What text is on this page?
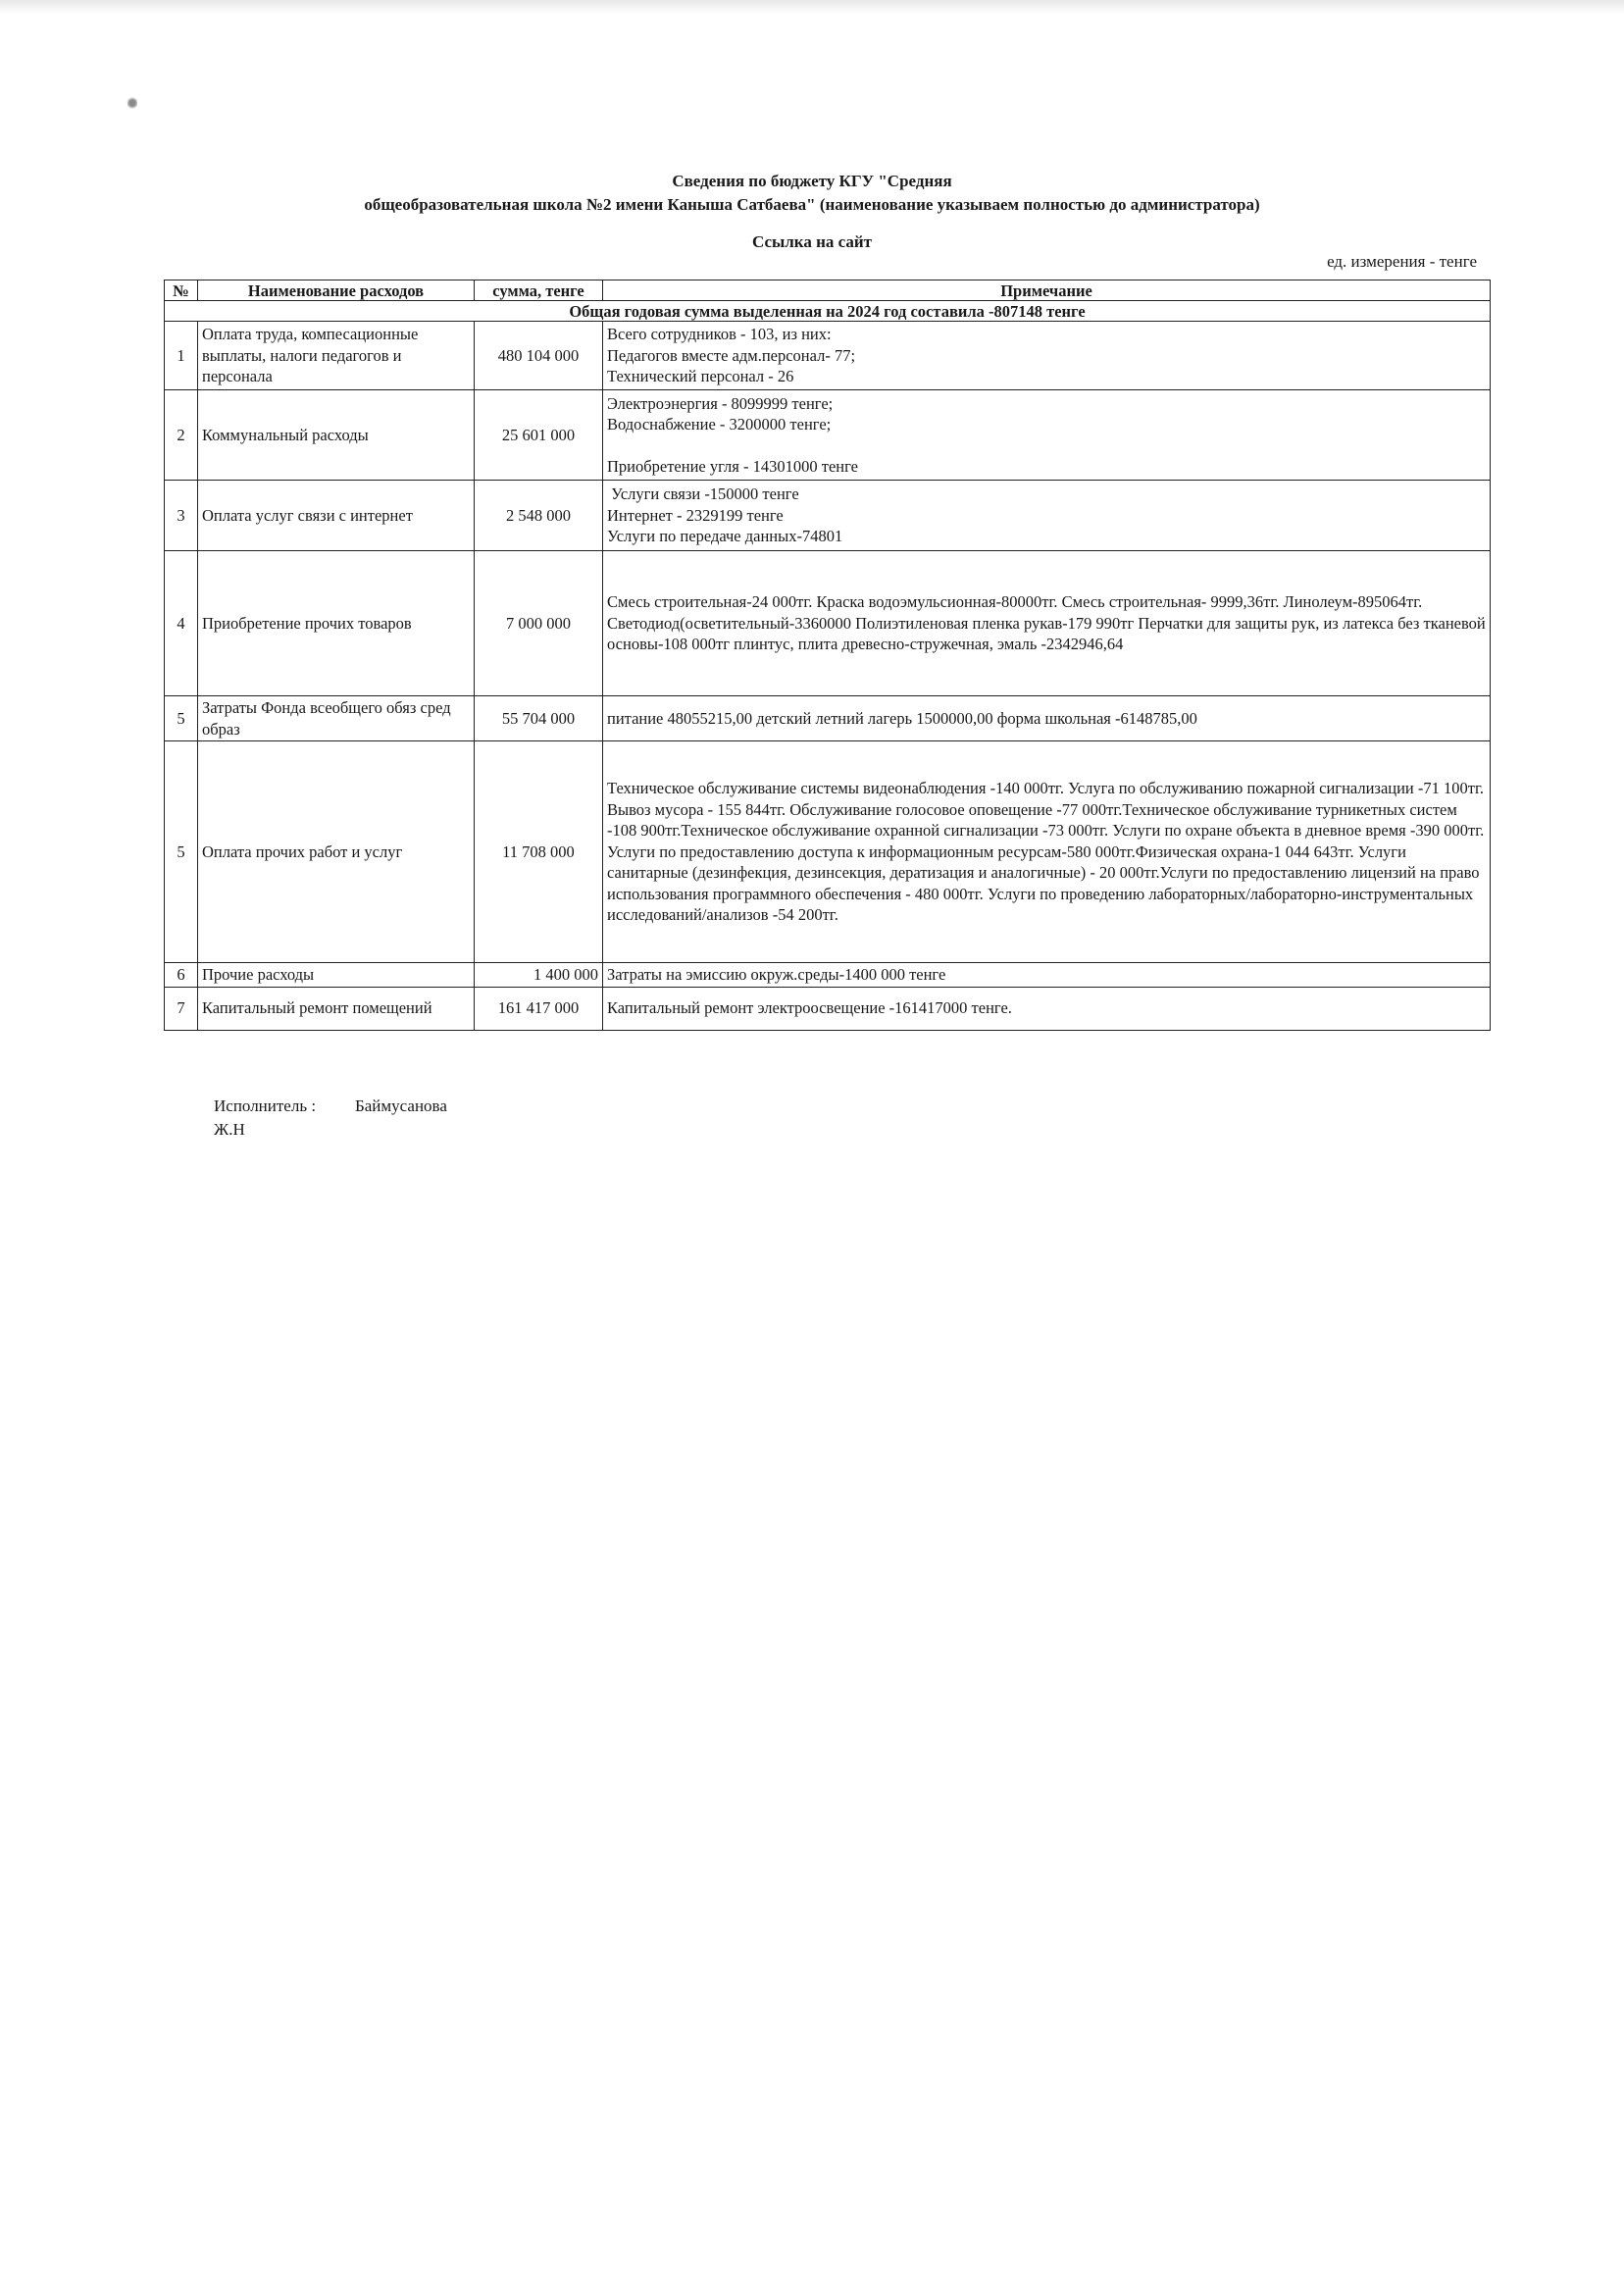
Сведения по бюджету КГУ "Средняя
общеобразовательная школа №2 имени Каныша Сатбаева" (наименование указываем полностью до администратора)
Ссылка на сайт
ед. измерения - тенге
№	Наименование расходов	сумма, тенге	Примечание
Общая годовая сумма выделенная на 2024 год составила -807148 тенге			
1	Оплата труда, компесационные выплаты, налоги педагогов и персонала	480 104 000	Всего сотрудников - 103, из них:
Педагогов вместе адм.персонал- 77;
Технический персонал - 26

2	Коммунальный расходы	25 601 000	Электроэнергия - 8099999 тенге;
Водоснабжение - 3200000 тенге;
Приобретение угля - 14301000 тенге

3	Оплата услуг связи с интернет	2 548 000	Услуги связи -150000 тенге
Интернет - 2329199 тенге
Услуги по передаче данных-74801

4	Приобретение прочих товаров	7 000 000	Смесь строительная-24 000тг. Краска водоэмульсионная-80000тг. Смесь строительная- 9999,36тг. Линолеум-895064тг. Светодиод(осветительный-3360000 Полиэтиленовая пленка рукав-179 990тг Перчатки для защиты рук, из латекса без тканевой основы-108 000тг плинтус, плита древесно-стружечная, эмаль -2342946,64
5	Затраты Фонда всеобщего обяз сред образ	55 704 000	питание 48055215,00 детский летний лагерь 1500000,00 форма школьная -6148785,00
5	Оплата прочих работ и услуг	11 708 000	Техническое обслуживание системы видеонаблюдения -140 000тг. Услуга по обслуживанию пожарной сигнализации -71 100тг. Вывоз мусора - 155 844тг. Обслуживание голосовое оповещение -77 000тг.Техническое обслуживание турникетных систем -108 900тг.Техническое обслуживание охранной сигнализации -73 000тг. Услуги по охране объекта в дневное время -390 000тг. Услуги по предоставлению доступа к информационным ресурсам-580 000тг.Физическая охрана-1 044 643тг. Услуги санитарные (дезинфекция, дезинсекция, дератизация и аналогичные) - 20 000тг.Услуги по предоставлению лицензий на право использования программного обеспечения - 480 000тг. Услуги по проведению лабораторных/лабораторно-инструментальных исследований/анализов -54 200тг.
6	Прочие расходы	1 400 000	Затраты на эмиссию окруж.среды-1400 000 тенге
7	Капитальный ремонт помещений	161 417 000	Капитальный ремонт электроосвещение -161417000 тенге.
Исполнитель : Баймусанова
Ж.Н
